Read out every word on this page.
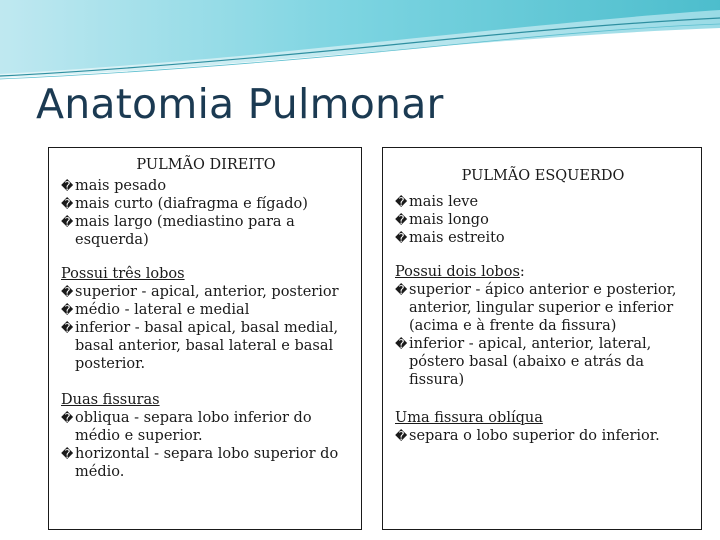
Anatomia Pulmonar
PULMÃO DIREITO
� mais pesado
� mais curto (diafragma e fígado)
� mais largo (mediastino para a esquerda)
Possui três lobos
� superior - apical, anterior, posterior
� médio - lateral e medial
� inferior - basal apical, basal medial, basal anterior, basal lateral e basal posterior.
Duas fissuras
� obliqua - separa lobo inferior do médio e superior.
� horizontal - separa lobo superior do médio.
PULMÃO ESQUERDO
� mais leve
� mais longo
� mais estreito
Possui dois lobos:
� superior - ápico anterior e posterior, anterior, lingular superior e inferior (acima e à frente da fissura)
� inferior - apical, anterior, lateral, póstero basal (abaixo e atrás da fissura)
Uma fissura oblíqua
� separa o lobo superior do inferior.
